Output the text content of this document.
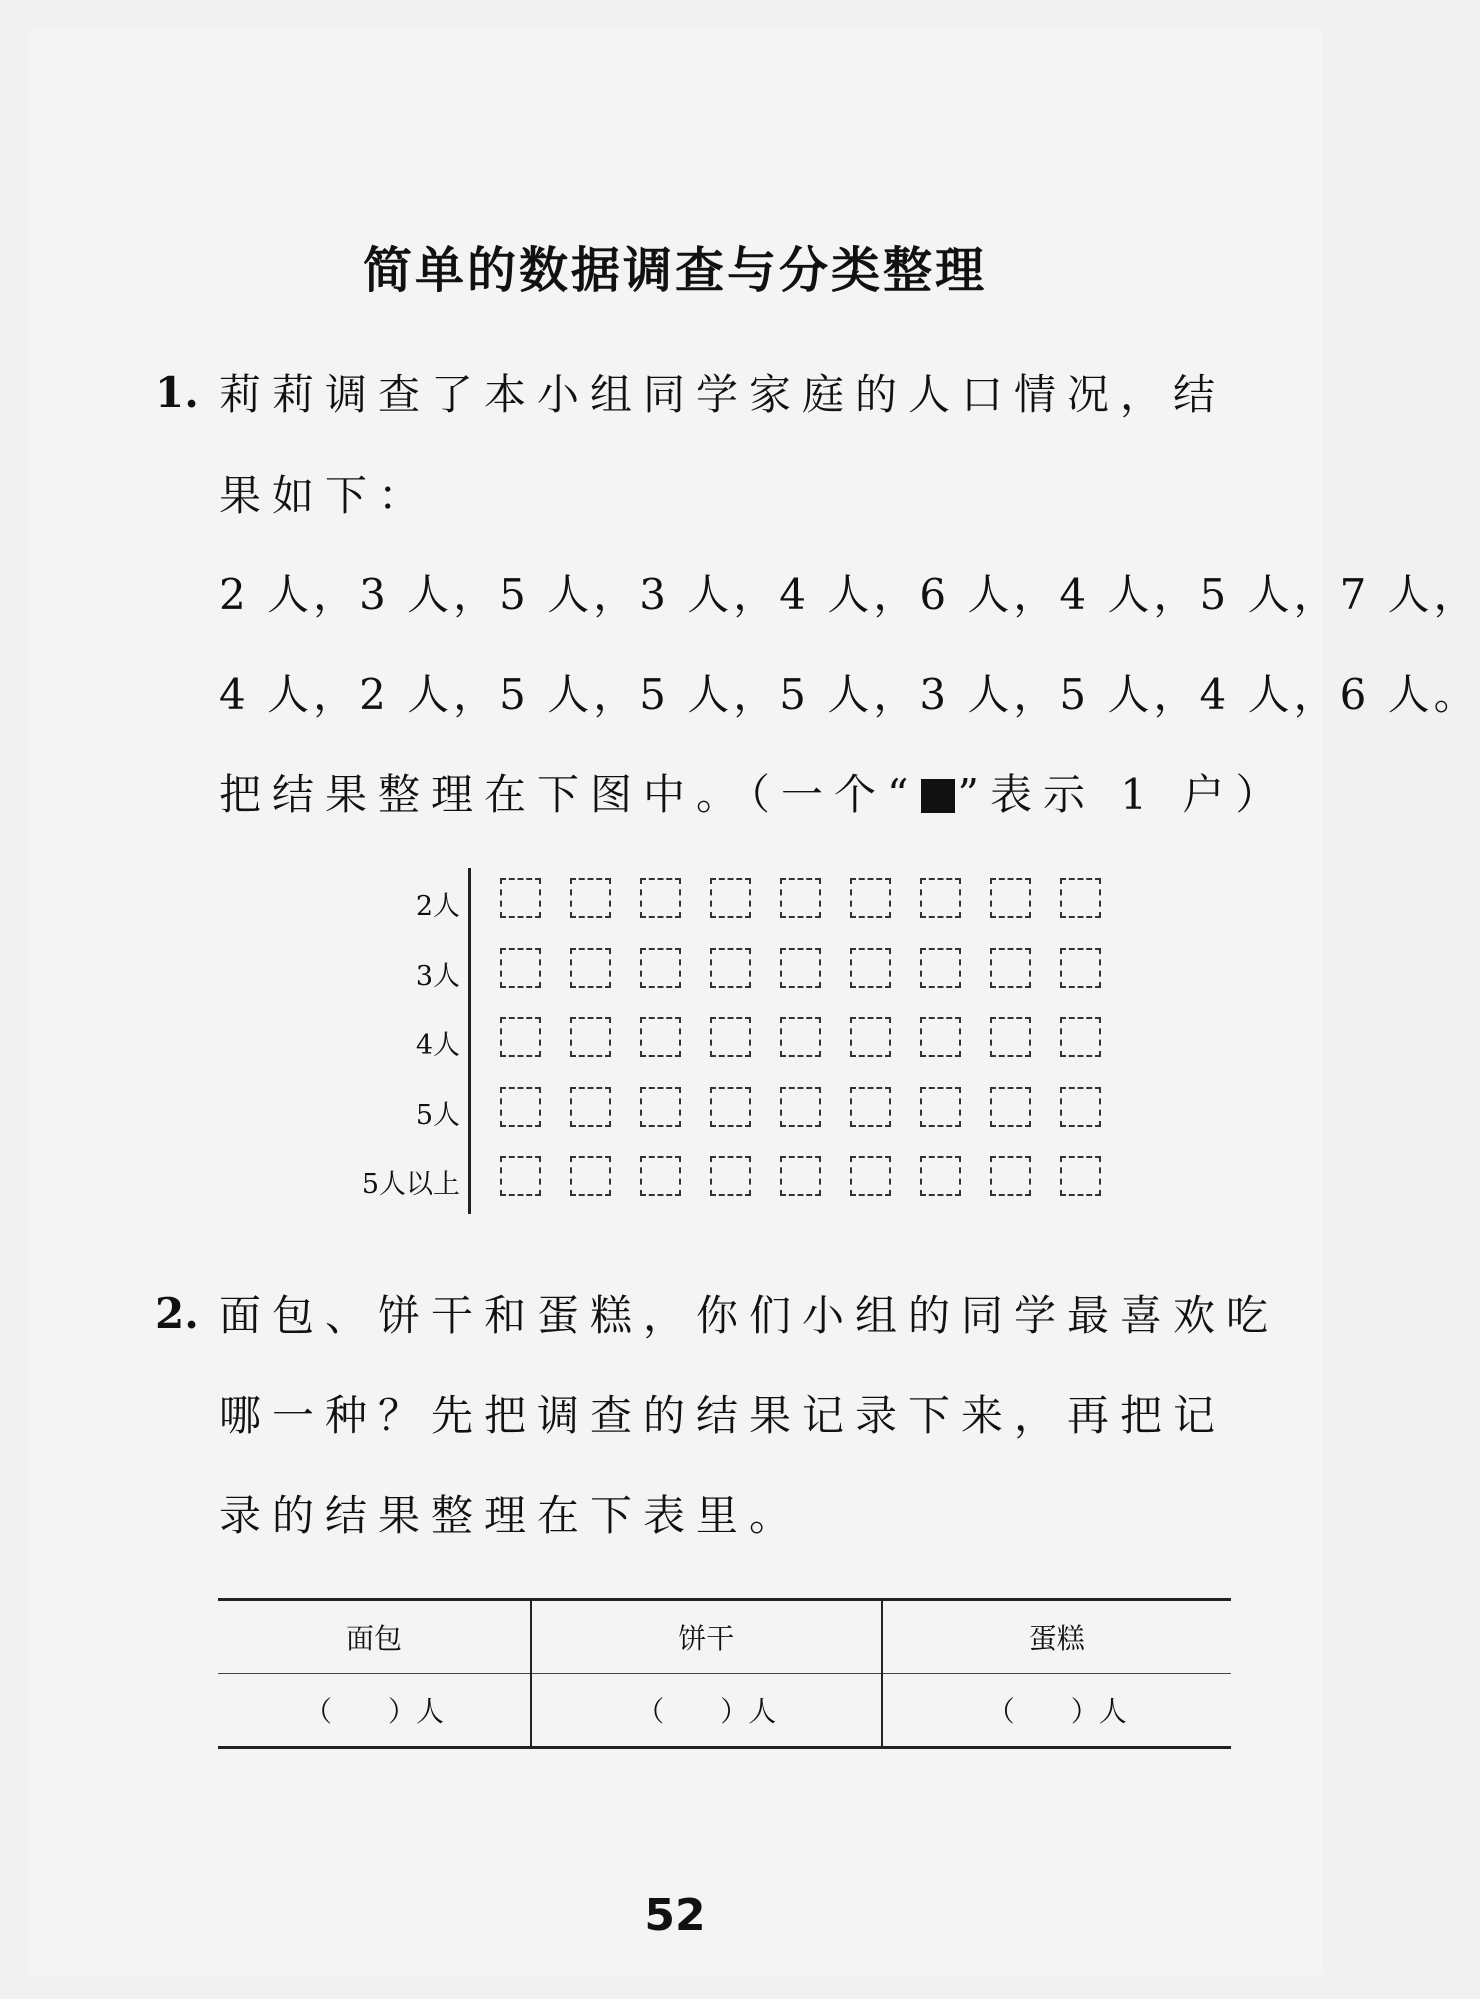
简单的数据调查与分类整理
1. 莉莉调查了本小组同学家庭的人口情况，结
果如下：
2 人，3 人，5 人，3 人，4 人，6 人，4 人，5 人，7 人，
4 人，2 人，5 人，5 人，5 人，3 人，5 人，4 人，6 人。
把结果整理在下图中。（一个“ ”表示 1 户）
2人
3人
4人
5人
5人以上
2. 面包、饼干和蛋糕，你们小组的同学最喜欢吃
哪一种？先把调查的结果记录下来，再把记
录的结果整理在下表里。
面包	饼干	蛋糕
（　　）人	（　　）人	（　　）人
52
